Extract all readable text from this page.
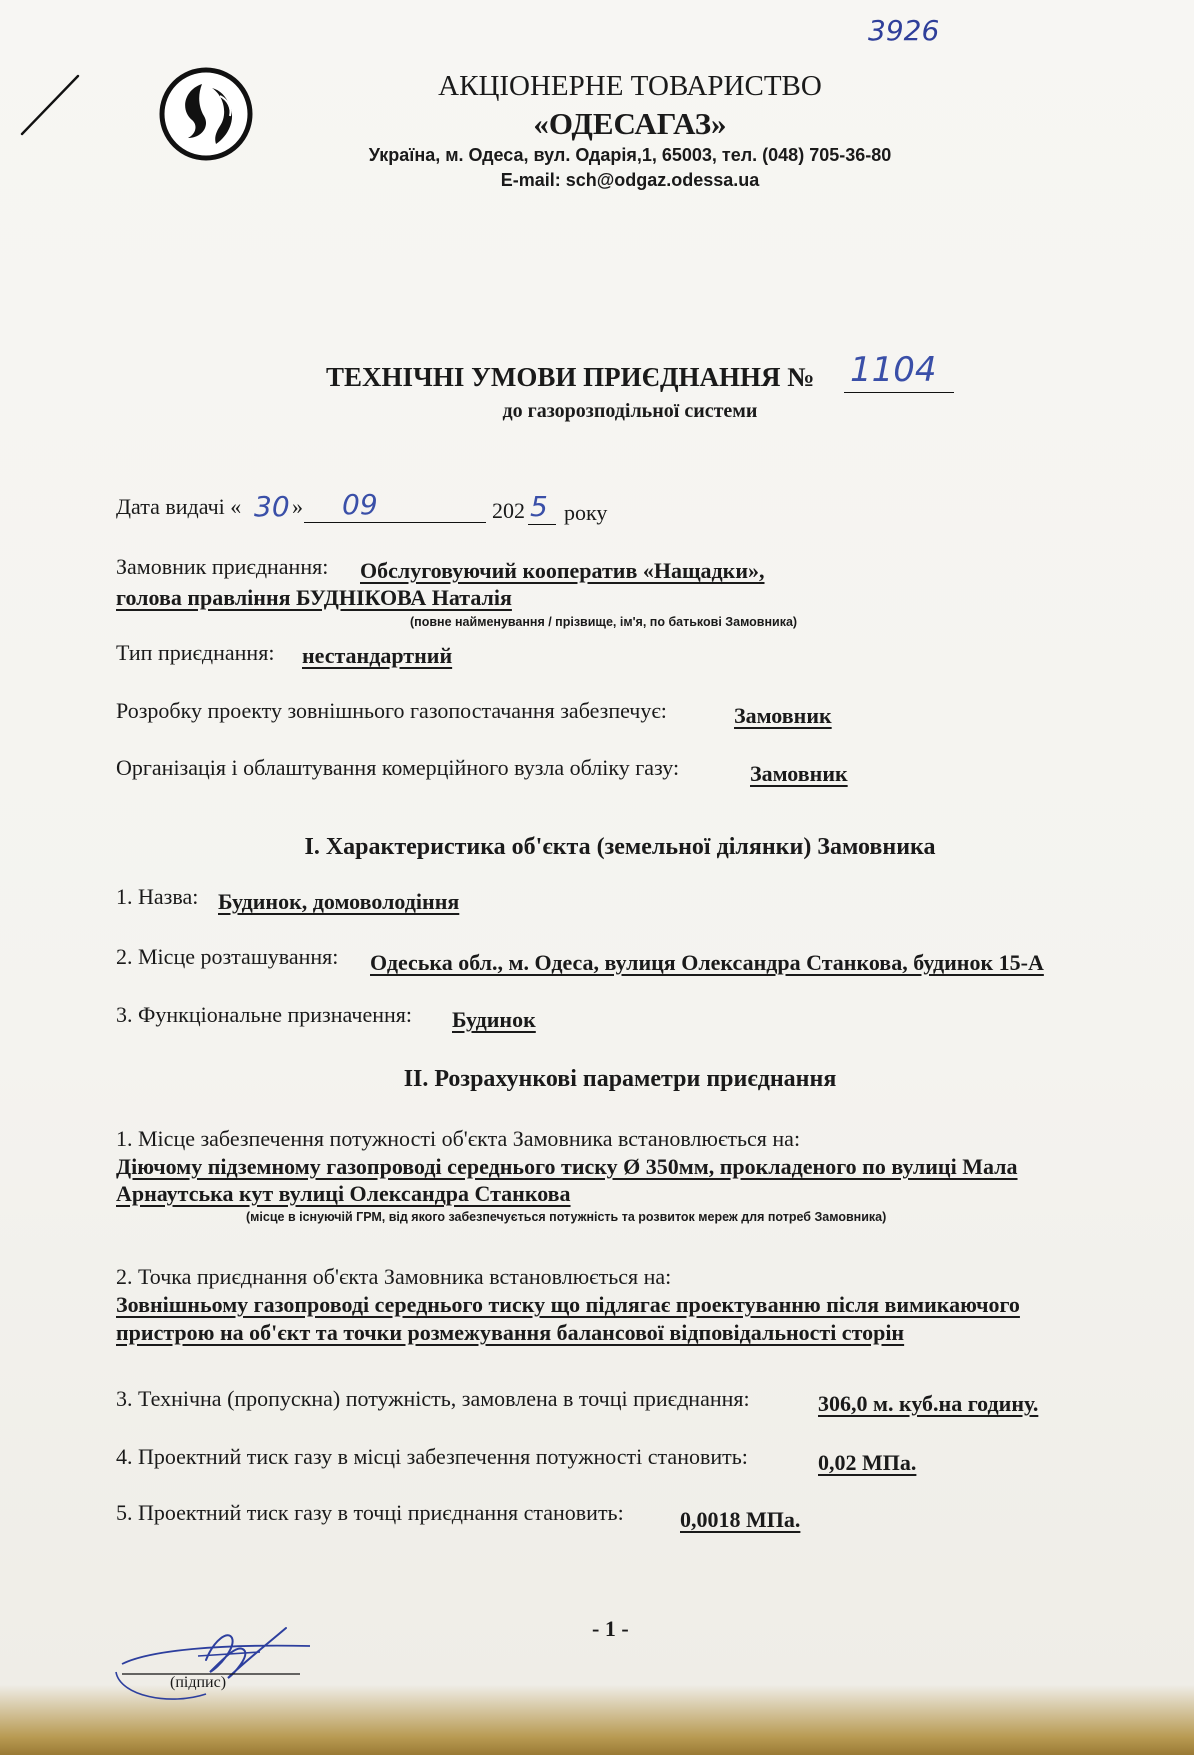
3926
АКЦІОНЕРНЕ ТОВАРИСТВО
«ОДЕСАГАЗ»
Україна, м. Одеса, вул. Одарія,1, 65003, тел. (048) 705-36-80
E-mail: sch@odgaz.odessa.ua
ТЕХНІЧНІ УМОВИ ПРИЄДНАННЯ № 1104
до газорозподільної системи
Дата видачі « 30 » 09	202 5 року
Замовник приєднання: Обслуговуючий кооператив «Нащадки»,
голова правління БУДНІКОВА Наталія
(повне найменування / прізвище, ім'я, по батькові Замовника)
Тип приєднання: нестандартний
Розробку проекту зовнішнього газопостачання забезпечує:	Замовник
Організація і облаштування комерційного вузла обліку газу:	Замовник
І. Характеристика об'єкта (земельної ділянки) Замовника
1. Назва: Будинок, домоволодіння
2. Місце розташування: Одеська обл., м. Одеса, вулиця Олександра Станкова, будинок 15-А
3. Функціональне призначення: Будинок
ІІ. Розрахункові параметри приєднання
1. Місце забезпечення потужності об'єкта Замовника встановлюється на:
Діючому підземному газопроводі середнього тиску Ø 350мм, прокладеного по вулиці Мала
Арнаутська кут вулиці Олександра Станкова
(місце в існуючій ГРМ, від якого забезпечується потужність та розвиток мереж для потреб Замовника)
2. Точка приєднання об'єкта Замовника встановлюється на:
Зовнішньому газопроводі середнього тиску що підлягає проектуванню після вимикаючого
пристрою на об'єкт та точки розмежування балансової відповідальності сторін
3. Технічна (пропускна) потужність, замовлена в точці приєднання:	306,0 м. куб.на годину.
4. Проектний тиск газу в місці забезпечення потужності становить:	0,02 МПа.
5. Проектний тиск газу в точці приєднання становить:	0,0018 МПа.
- 1 -
(підпис)
